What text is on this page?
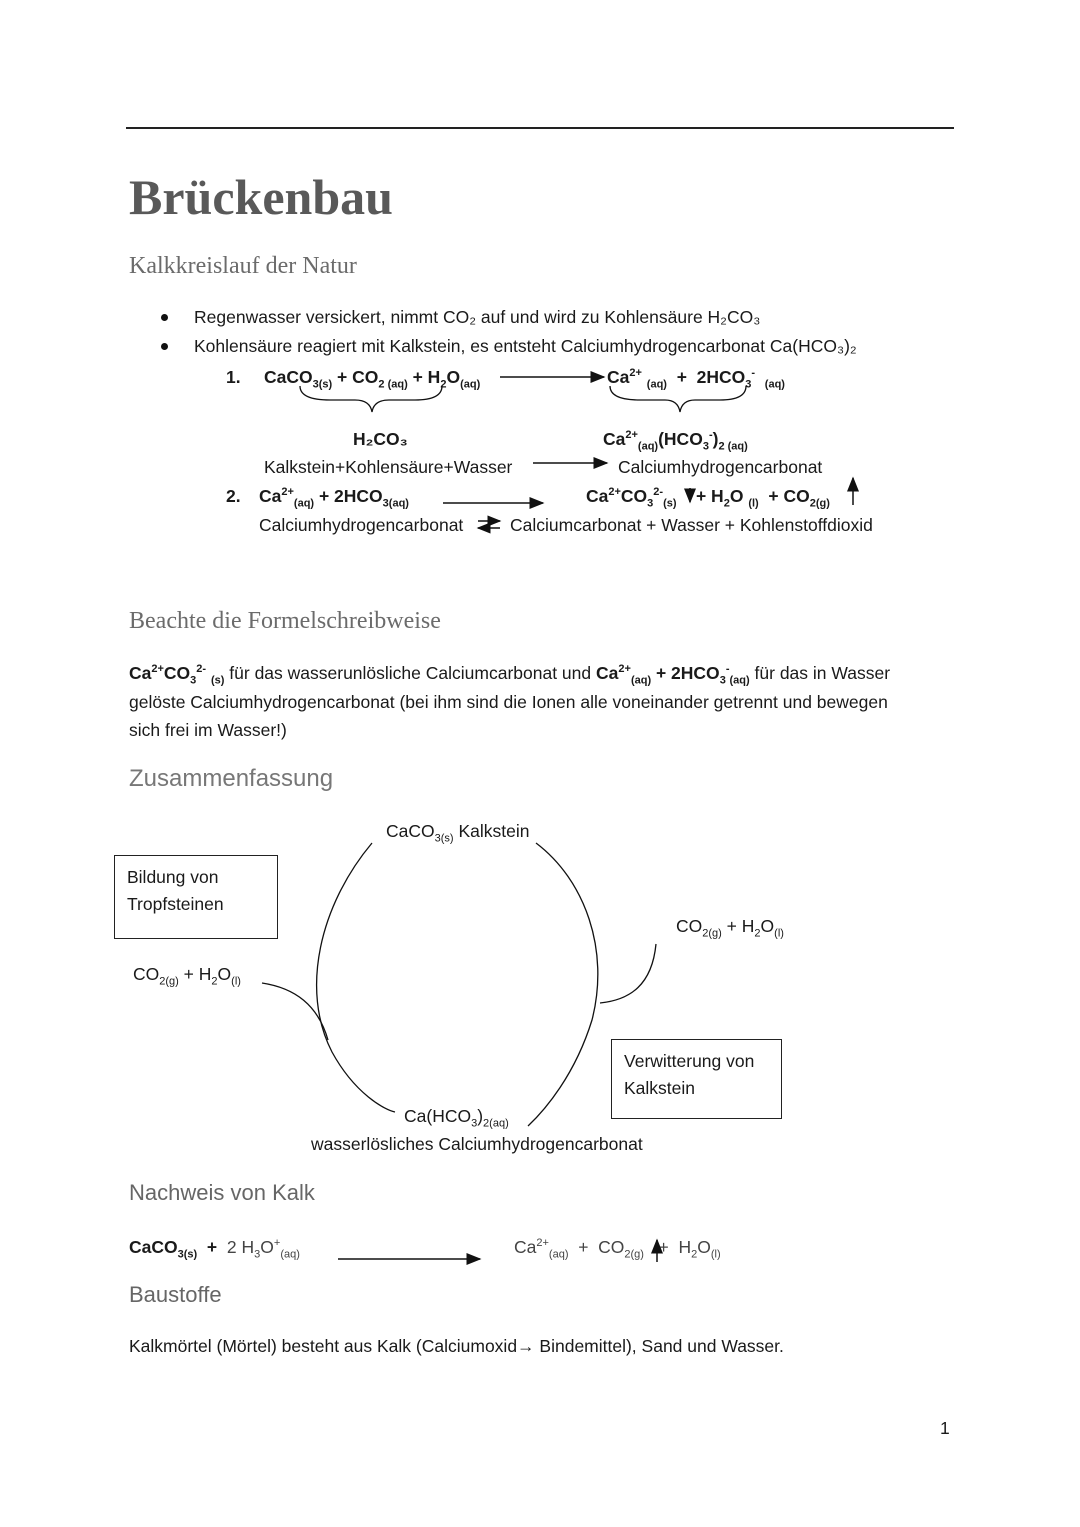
Brückenbau
Kalkkreislauf der Natur
Regenwasser versickert, nimmt CO₂ auf und wird zu Kohlensäure H₂CO₃
Kohlensäure reagiert mit Kalkstein, es entsteht Calciumhydrogencarbonat Ca(HCO₃)₂
1. CaCO$_{3(s)}$ + $CO_{2 (aq)} + H_2O_{(aq)}$	$Ca^{2+}$ $_{(aq)} + 2HCO_3^-$  $_{(aq)}$
H₂CO₃	$Ca^{2+}_{(aq)}(HCO_3^-)_{2 (aq)}$
Kalkstein+Kohlensäure+Wasser	Calciumhydrogencarbonat
2. $Ca^{2+}_{(aq)} + 2HCO_{3(aq)}$	$Ca^{2+}CO_3^{2-}_{(s)}$    + $H_2O$ $_{(l)} + CO_{2(g)}$
Calciumhydrogencarbonat	Calciumcarbonat + Wasser + Kohlenstoffdioxid
Beachte die Formelschreibweise
$Ca^{2+}CO_3^{2-}$ $_{(s)}$ für das wasserunlösliche Calciumcarbonat und $Ca^{2+}_{(aq)} + 2HCO_3^-_{(aq)}$ für das in Wasser
gelöste Calciumhydrogencarbonat (bei ihm sind die Ionen alle voneinander getrennt und bewegen
sich frei im Wasser!)
Zusammenfassung
CaCO$_{3(s)}$ Kalkstein
Bildung von
Tropfsteinen
$CO_{2(g)} + H_2O_{(l)}$
$CO_{2(g)} + H_2O_{(l)}$
Verwitterung von
Kalkstein
$Ca(HCO_3)_{2(aq)}$
wasserlösliches Calciumhydrogencarbonat
Nachweis von Kalk
CaCO$_{3(s)}$ + 2 $H_3O^+_{(aq)}$	$Ca^{2+}_{(aq)} + CO_{2(g)} + H_2O_{(l)}$
Baustoffe
Kalkmörtel (Mörtel) besteht aus Kalk (Calciumoxid→ Bindemittel), Sand und Wasser.
1
